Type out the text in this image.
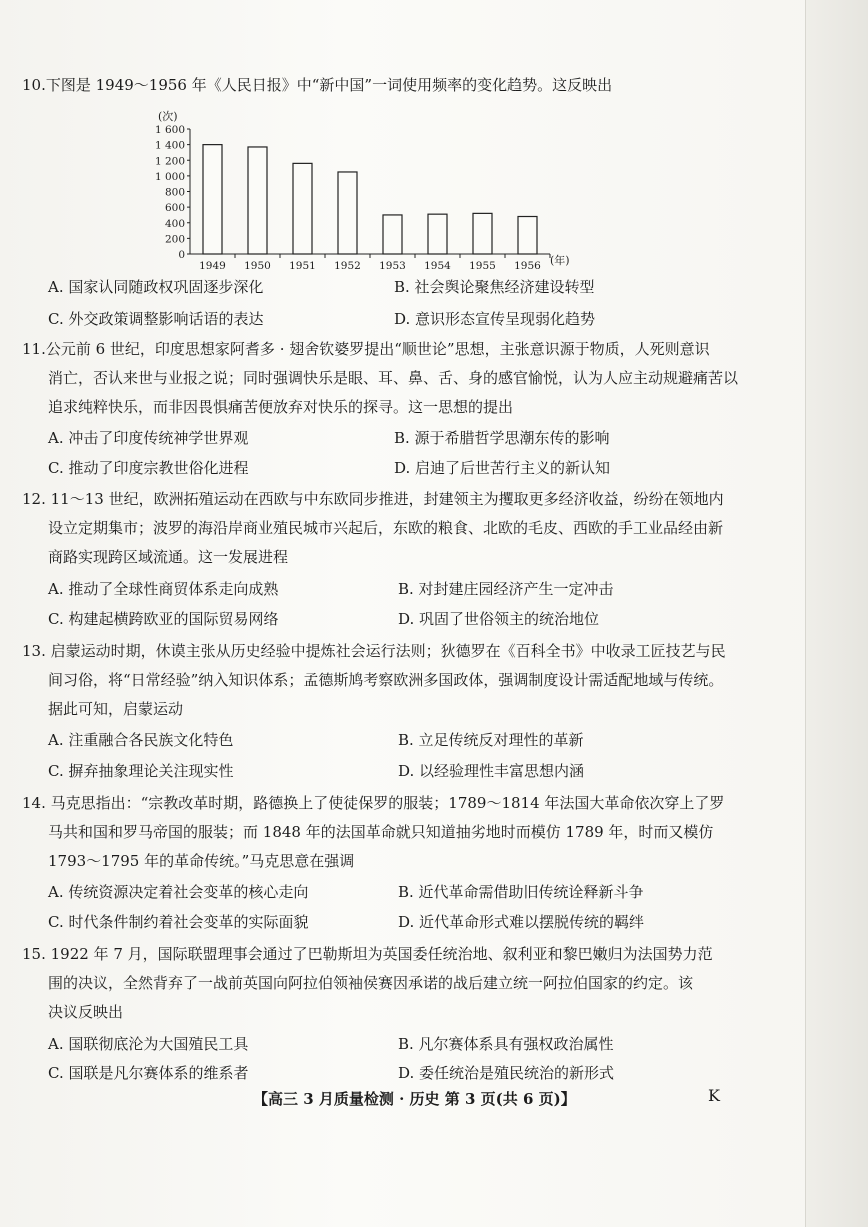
10.下图是 1949～1956 年《人民日报》中“新中国”一词使用频率的变化趋势。这反映出
(次)
0
200
400
600
800
1 000
1 200
1 400
1 600
1949 1950 1951 1952 1953 1954 1955 1956 (年)
A. 国家认同随政权巩固逐步深化	B. 社会舆论聚焦经济建设转型
C. 外交政策调整影响话语的表达	D. 意识形态宣传呈现弱化趋势
11.公元前 6 世纪，印度思想家阿耆多 · 翅舍钦婆罗提出“顺世论”思想，主张意识源于物质，人死则意识
消亡，否认来世与业报之说；同时强调快乐是眼、耳、鼻、舌、身的感官愉悦，认为人应主动规避痛苦以
追求纯粹快乐，而非因畏惧痛苦便放弃对快乐的探寻。这一思想的提出
A. 冲击了印度传统神学世界观	B. 源于希腊哲学思潮东传的影响
C. 推动了印度宗教世俗化进程	D. 启迪了后世苦行主义的新认知
12. 11～13 世纪，欧洲拓殖运动在西欧与中东欧同步推进，封建领主为攫取更多经济收益，纷纷在领地内
设立定期集市；波罗的海沿岸商业殖民城市兴起后，东欧的粮食、北欧的毛皮、西欧的手工业品经由新
商路实现跨区域流通。这一发展进程
A. 推动了全球性商贸体系走向成熟	B. 对封建庄园经济产生一定冲击
C. 构建起横跨欧亚的国际贸易网络	D. 巩固了世俗领主的统治地位
13. 启蒙运动时期，休谟主张从历史经验中提炼社会运行法则；狄德罗在《百科全书》中收录工匠技艺与民
间习俗，将“日常经验”纳入知识体系；孟德斯鸠考察欧洲多国政体，强调制度设计需适配地域与传统。
据此可知，启蒙运动
A. 注重融合各民族文化特色	B. 立足传统反对理性的革新
C. 摒弃抽象理论关注现实性	D. 以经验理性丰富思想内涵
14. 马克思指出：“宗教改革时期，路德换上了使徒保罗的服装；1789～1814 年法国大革命依次穿上了罗
马共和国和罗马帝国的服装；而 1848 年的法国革命就只知道抽劣地时而模仿 1789 年，时而又模仿
1793～1795 年的革命传统。”马克思意在强调
A. 传统资源决定着社会变革的核心走向	B. 近代革命需借助旧传统诠释新斗争
C. 时代条件制约着社会变革的实际面貌	D. 近代革命形式难以摆脱传统的羁绊
15. 1922 年 7 月，国际联盟理事会通过了巴勒斯坦为英国委任统治地、叙利亚和黎巴嫩归为法国势力范
围的决议，全然背弃了一战前英国向阿拉伯领袖侯赛因承诺的战后建立统一阿拉伯国家的约定。该
决议反映出
A. 国联彻底沦为大国殖民工具	B. 凡尔赛体系具有强权政治属性
C. 国联是凡尔赛体系的维系者	D. 委任统治是殖民统治的新形式
【高三 3 月质量检测 · 历史 第 3 页(共 6 页)】	K
